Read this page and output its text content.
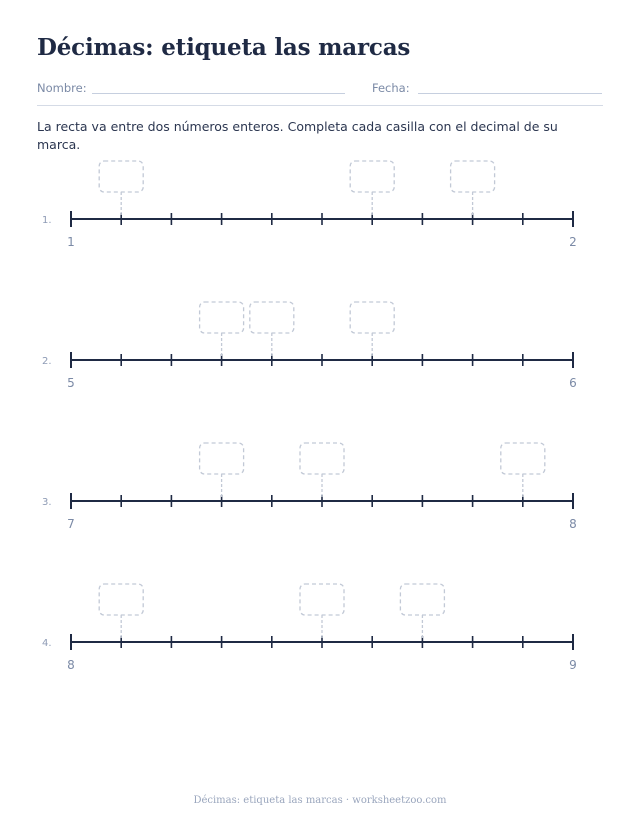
Décimas: etiqueta las marcas
Nombre:	Fecha:

La recta va entre dos números enteros. Completa cada casilla con el decimal de su marca.

1.
1	2
2.
5	6
3.
7	8
4.
8	9
Décimas: etiqueta las marcas · worksheetzoo.com
